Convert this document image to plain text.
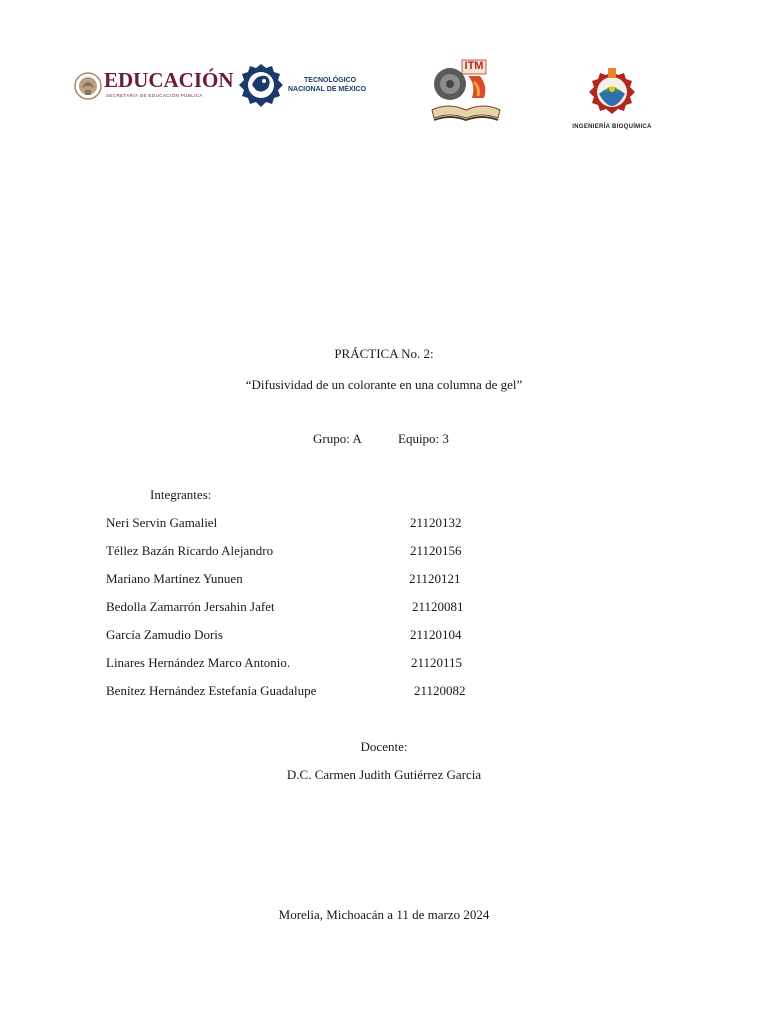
EDUCACIÓN
SECRETARÍA DE EDUCACIÓN PÚBLICA
TECNOLÓGICO
NACIONAL DE MÉXICO
ITM
INGENIERÍA BIOQUÍMICA
PRÁCTICA No. 2:
“Difusividad de un colorante en una columna de gel”
Grupo: A	Equipo: 3
Integrantes:
Neri Servin Gamaliel	21120132
Téllez Bazán Ricardo Alejandro	21120156
Mariano Martínez Yunuen	21120121
Bedolla Zamarrón Jersahin Jafet	21120081
García Zamudio Doris	21120104
Linares Hernández Marco Antonio.	21120115
Benítez Hernández Estefanía Guadalupe	21120082
Docente:
D.C. Carmen Judith Gutiérrez Garcia
Morelia, Michoacán a 11 de marzo 2024
